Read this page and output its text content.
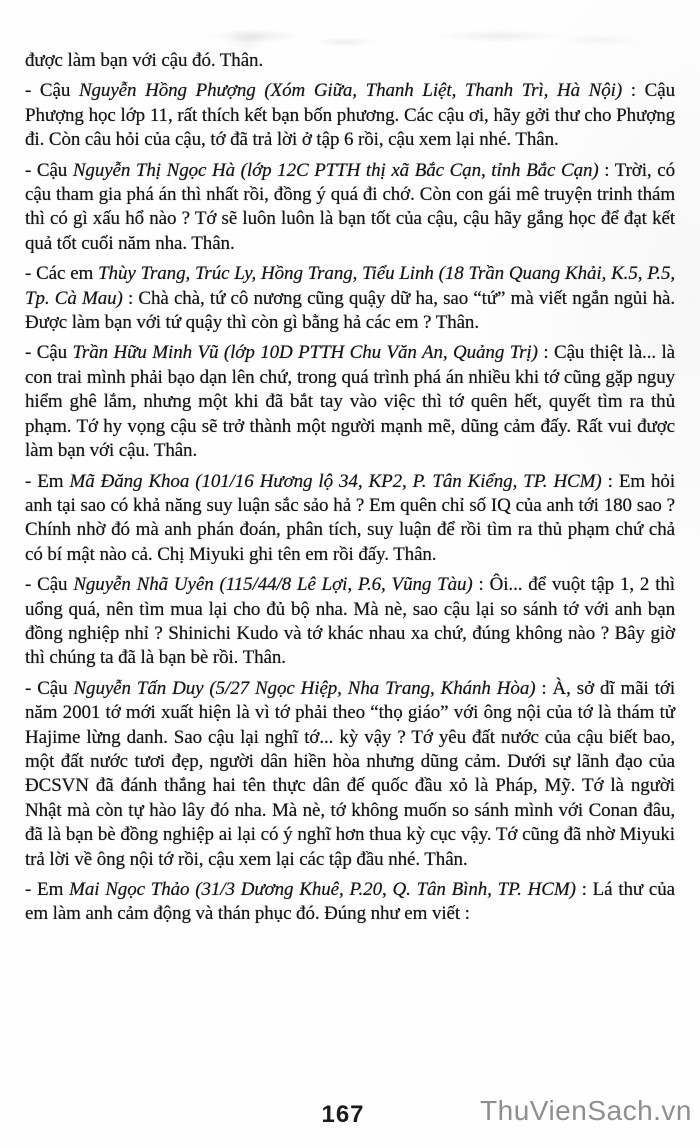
được làm bạn với cậu đó. Thân.

- Cậu Nguyễn Hồng Phượng (Xóm Giữa, Thanh Liệt, Thanh Trì, Hà Nội) : Cậu Phượng học lớp 11, rất thích kết bạn bốn phương. Các cậu ơi, hãy gởi thư cho Phượng đi. Còn câu hỏi của cậu, tớ đã trả lời ở tập 6 rồi, cậu xem lại nhé. Thân.

- Cậu Nguyễn Thị Ngọc Hà (lớp 12C PTTH thị xã Bắc Cạn, tỉnh Bắc Cạn) : Trời, có cậu tham gia phá án thì nhất rồi, đồng ý quá đi chớ. Còn con gái mê truyện trinh thám thì có gì xấu hổ nào ? Tớ sẽ luôn luôn là bạn tốt của cậu, cậu hãy gắng học để đạt kết quả tốt cuối năm nha. Thân.

- Các em Thùy Trang, Trúc Ly, Hồng Trang, Tiểu Linh (18 Trần Quang Khải, K.5, P.5, Tp. Cà Mau) : Chà chà, tứ cô nương cũng quậy dữ ha, sao “tứ” mà viết ngắn ngủi hà. Được làm bạn với tứ quậy thì còn gì bằng hả các em ? Thân.

- Cậu Trần Hữu Minh Vũ (lớp 10D PTTH Chu Văn An, Quảng Trị) : Cậu thiệt là... là con trai mình phải bạo dạn lên chứ, trong quá trình phá án nhiều khi tớ cũng gặp nguy hiểm ghê lắm, nhưng một khi đã bắt tay vào việc thì tớ quên hết, quyết tìm ra thủ phạm. Tớ hy vọng cậu sẽ trở thành một người mạnh mẽ, dũng cảm đấy. Rất vui được làm bạn với cậu. Thân.

- Em Mã Đăng Khoa (101/16 Hương lộ 34, KP2, P. Tân Kiểng, TP. HCM) : Em hỏi anh tại sao có khả năng suy luận sắc sảo hả ? Em quên chỉ số IQ của anh tới 180 sao ? Chính nhờ đó mà anh phán đoán, phân tích, suy luận để rồi tìm ra thủ phạm chứ chả có bí mật nào cả. Chị Miyuki ghi tên em rồi đấy. Thân.

- Cậu Nguyễn Nhã Uyên (115/44/8 Lê Lợi, P.6, Vũng Tàu) : Ôi... để vuột tập 1, 2 thì uổng quá, nên tìm mua lại cho đủ bộ nha. Mà nè, sao cậu lại so sánh tớ với anh bạn đồng nghiệp nhỉ ? Shinichi Kudo và tớ khác nhau xa chứ, đúng không nào ? Bây giờ thì chúng ta đã là bạn bè rồi. Thân.

- Cậu Nguyễn Tấn Duy (5/27 Ngọc Hiệp, Nha Trang, Khánh Hòa) : À, sở dĩ mãi tới năm 2001 tớ mới xuất hiện là vì tớ phải theo “thọ giáo” với ông nội của tớ là thám tử Hajime lừng danh. Sao cậu lại nghĩ tớ... kỳ vậy ? Tớ yêu đất nước của cậu biết bao, một đất nước tươi đẹp, người dân hiền hòa nhưng dũng cảm. Dưới sự lãnh đạo của ĐCSVN đã đánh thắng hai tên thực dân đế quốc đầu xỏ là Pháp, Mỹ. Tớ là người Nhật mà còn tự hào lây đó nha. Mà nè, tớ không muốn so sánh mình với Conan đâu, đã là bạn bè đồng nghiệp ai lại có ý nghĩ hơn thua kỳ cục vậy. Tớ cũng đã nhờ Miyuki trả lời về ông nội tớ rồi, cậu xem lại các tập đầu nhé. Thân.

- Em Mai Ngọc Thảo (31/3 Dương Khuê, P.20, Q. Tân Bình, TP. HCM) : Lá thư của em làm anh cảm động và thán phục đó. Đúng như em viết :

167	ThuVienSach.vn
